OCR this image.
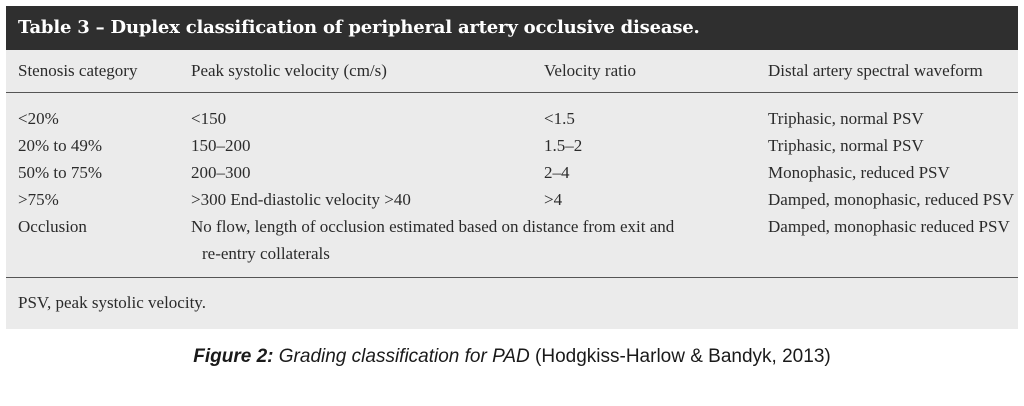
Table 3 – Duplex classification of peripheral artery occlusive disease.
Stenosis category	Peak systolic velocity (cm/s)	Velocity ratio	Distal artery spectral waveform
<20%	<150	<1.5	Triphasic, normal PSV
20% to 49%	150–200	1.5–2	Triphasic, normal PSV
50% to 75%	200–300	2–4	Monophasic, reduced PSV
>75%	>300 End-diastolic velocity >40	>4	Damped, monophasic, reduced PSV
Occlusion	No flow, length of occlusion estimated based on distance from exit and	Damped, monophasic reduced PSV
re-entry collaterals
PSV, peak systolic velocity.
Figure 2: Grading classification for PAD (Hodgkiss-Harlow & Bandyk, 2013)
